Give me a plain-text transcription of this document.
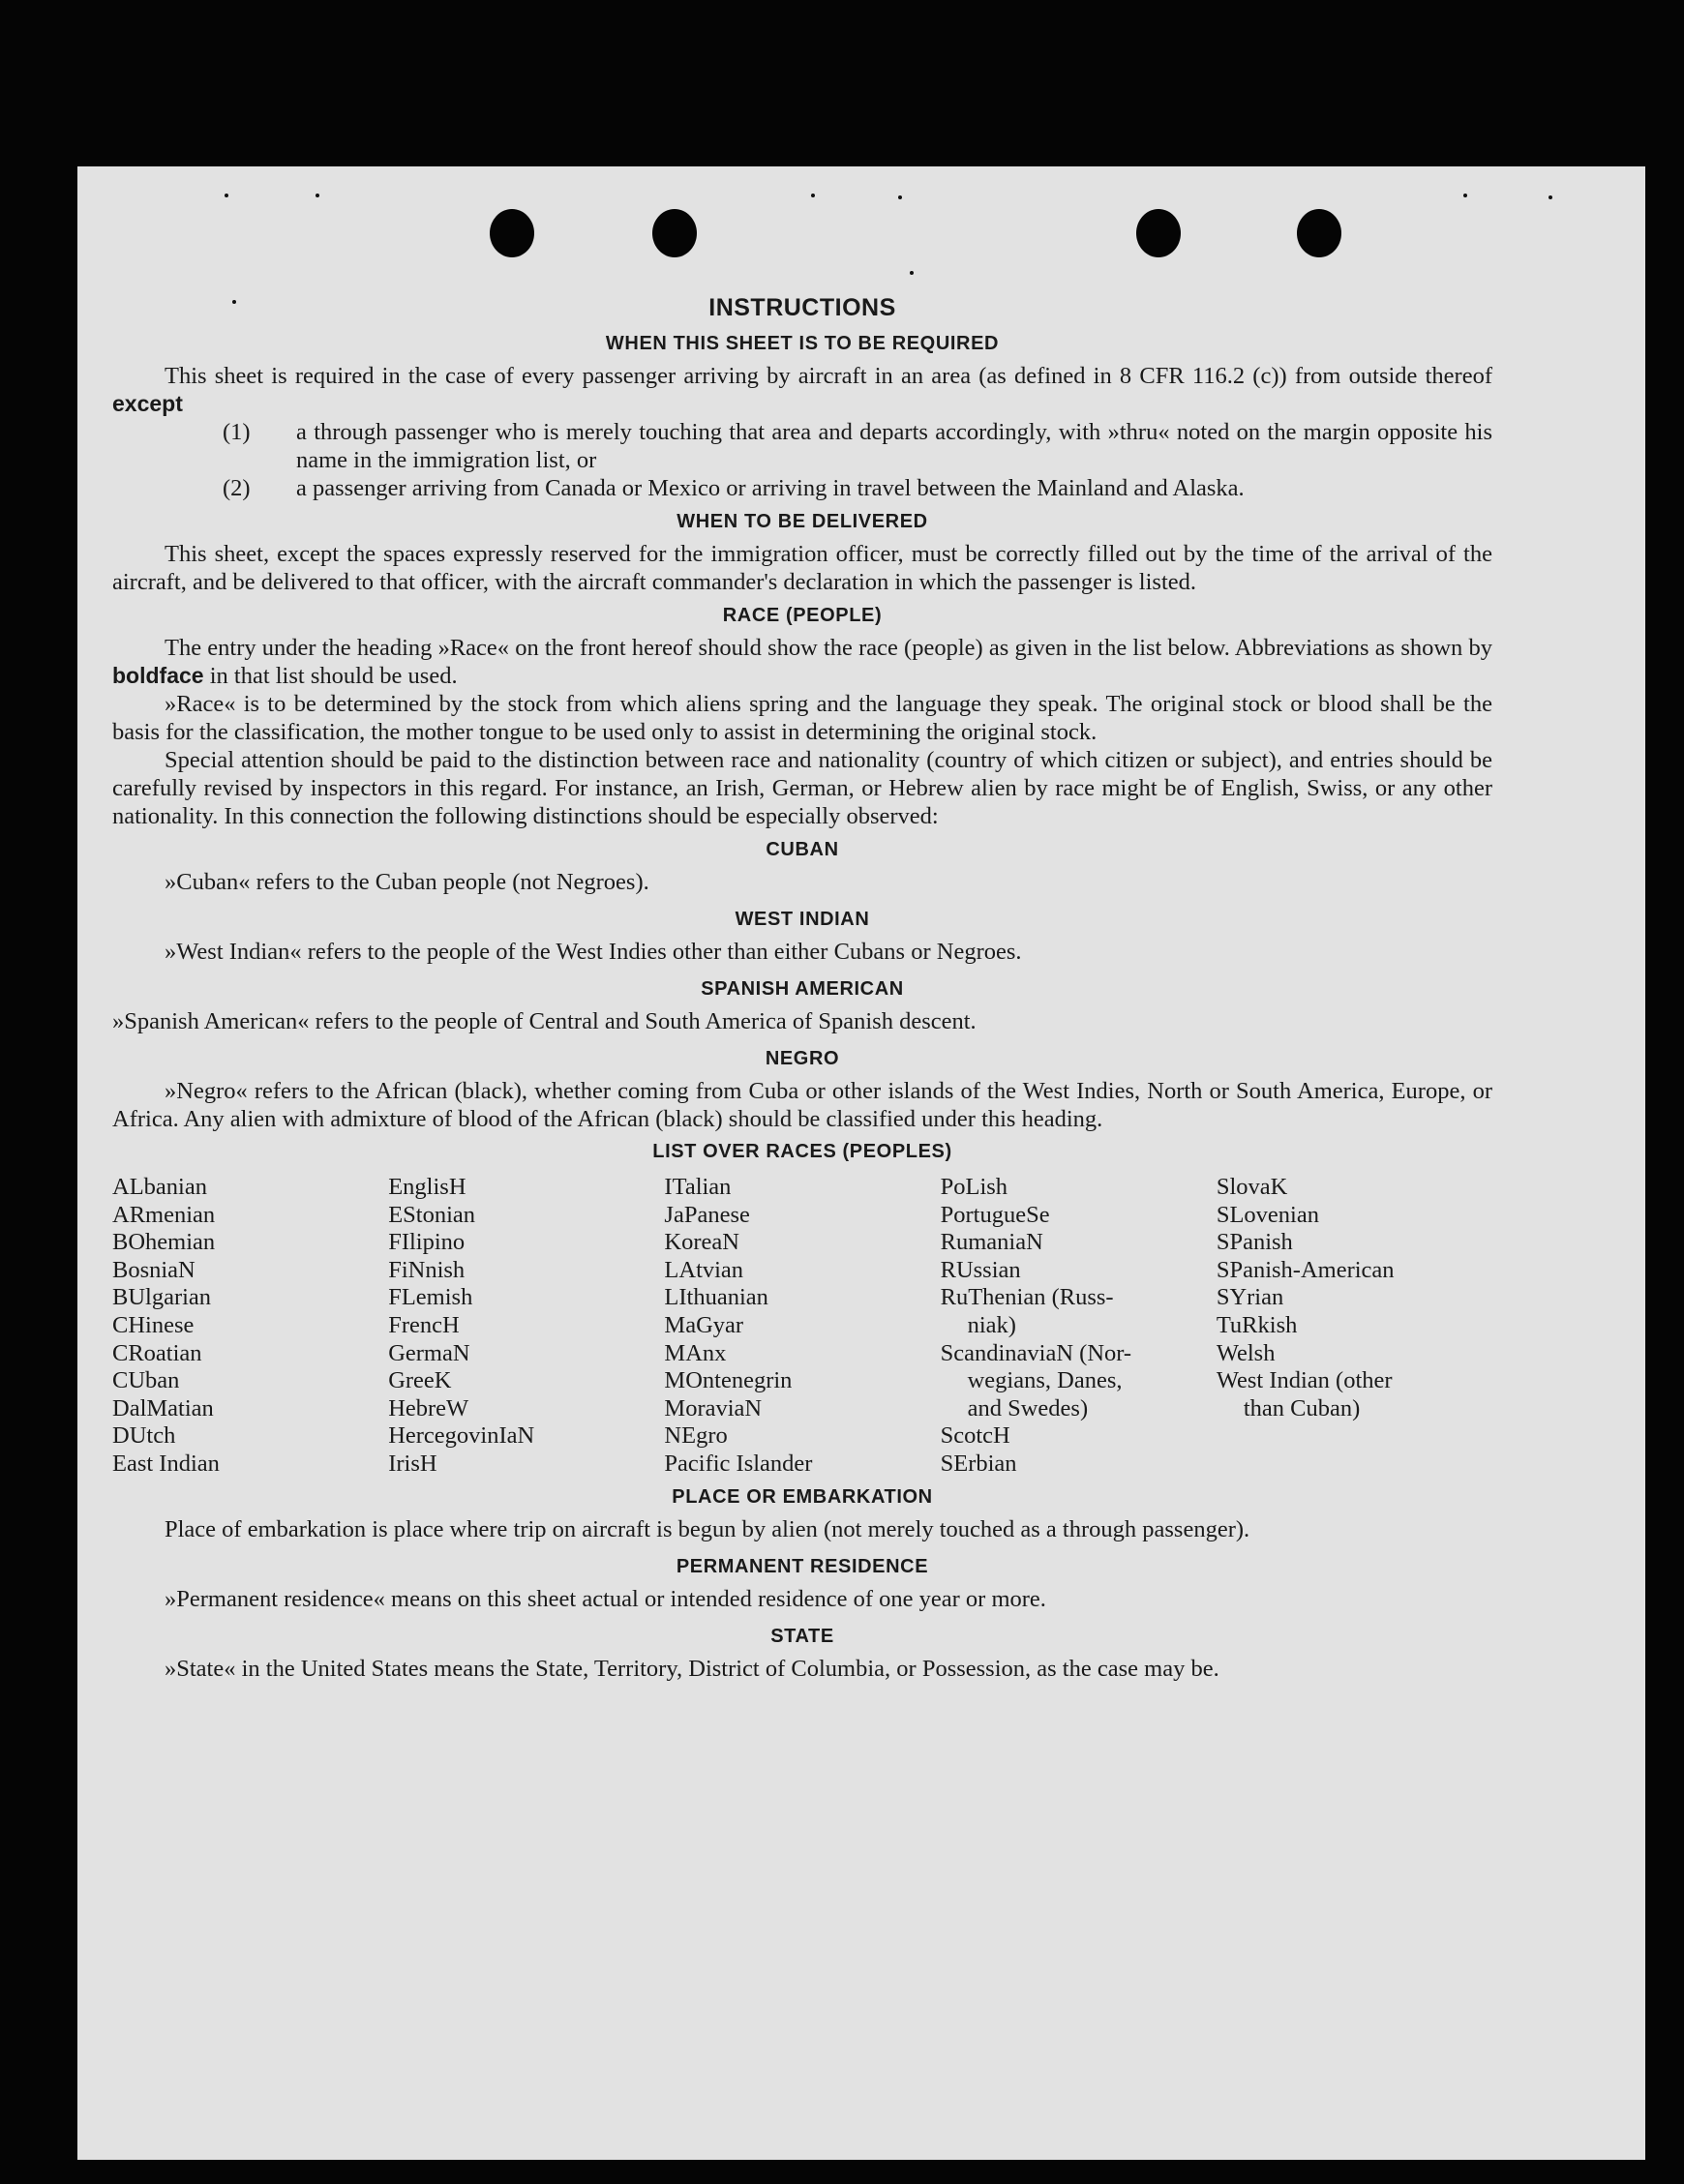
INSTRUCTIONS
WHEN THIS SHEET IS TO BE REQUIRED

This sheet is required in the case of every passenger arriving by aircraft in an area (as defined in 8 CFR 116.2 (c)) from outside thereof except

(1) a through passenger who is merely touching that area and departs accordingly, with »thru« noted on the margin opposite his name in the immigration list, or

(2) a passenger arriving from Canada or Mexico or arriving in travel between the Mainland and Alaska.

WHEN TO BE DELIVERED

This sheet, except the spaces expressly reserved for the immigration officer, must be correctly filled out by the time of the arrival of the aircraft, and be delivered to that officer, with the aircraft commander's declaration in which the passenger is listed.

RACE (PEOPLE)

The entry under the heading »Race« on the front hereof should show the race (people) as given in the list below. Abbreviations as shown by boldface in that list should be used.

»Race« is to be determined by the stock from which aliens spring and the language they speak. The original stock or blood shall be the basis for the classification, the mother tongue to be used only to assist in determining the original stock.

Special attention should be paid to the distinction between race and nationality (country of which citizen or subject), and entries should be carefully revised by inspectors in this regard. For instance, an Irish, German, or Hebrew alien by race might be of English, Swiss, or any other nationality. In this connection the following distinctions should be especially observed:

CUBAN

»Cuban« refers to the Cuban people (not Negroes).

WEST INDIAN

»West Indian« refers to the people of the West Indies other than either Cubans or Negroes.

SPANISH AMERICAN

»Spanish American« refers to the people of Central and South America of Spanish descent.

NEGRO

»Negro« refers to the African (black), whether coming from Cuba or other islands of the West Indies, North or South America, Europe, or Africa. Any alien with admixture of blood of the African (black) should be classified under this heading.

LIST OVER RACES (PEOPLES)
ALbanian
ARmenian
BOhemian
BosniaN
BUlgarian
CHinese
CRoatian
CUban
DalMatian
DUtch
East Indian
EnglisH
EStonian
FIlipino
FiNnish
FLemish
FrencH
GermaN
GreeK
HebreW
HercegovinIaN
IrisH
ITalian
JaPanese
KoreaN
LAtvian
LIthuanian
MaGyar
MAnx
MOntenegrin
MoraviaN
NEgro
Pacific Islander
PoLish
PortugueSe
RumaniaN
RUssian
RuThenian (Russ-
niak)
ScandinaviaN (Nor-
wegians, Danes,
and Swedes)
ScotcH
SErbian
SlovaK
SLovenian
SPanish
SPanish-American
SYrian
TuRkish
Welsh
West Indian (other
than Cuban)
PLACE OR EMBARKATION

Place of embarkation is place where trip on aircraft is begun by alien (not merely touched as a through passenger).

PERMANENT RESIDENCE

»Permanent residence« means on this sheet actual or intended residence of one year or more.

STATE

»State« in the United States means the State, Territory, District of Columbia, or Possession, as the case may be.
